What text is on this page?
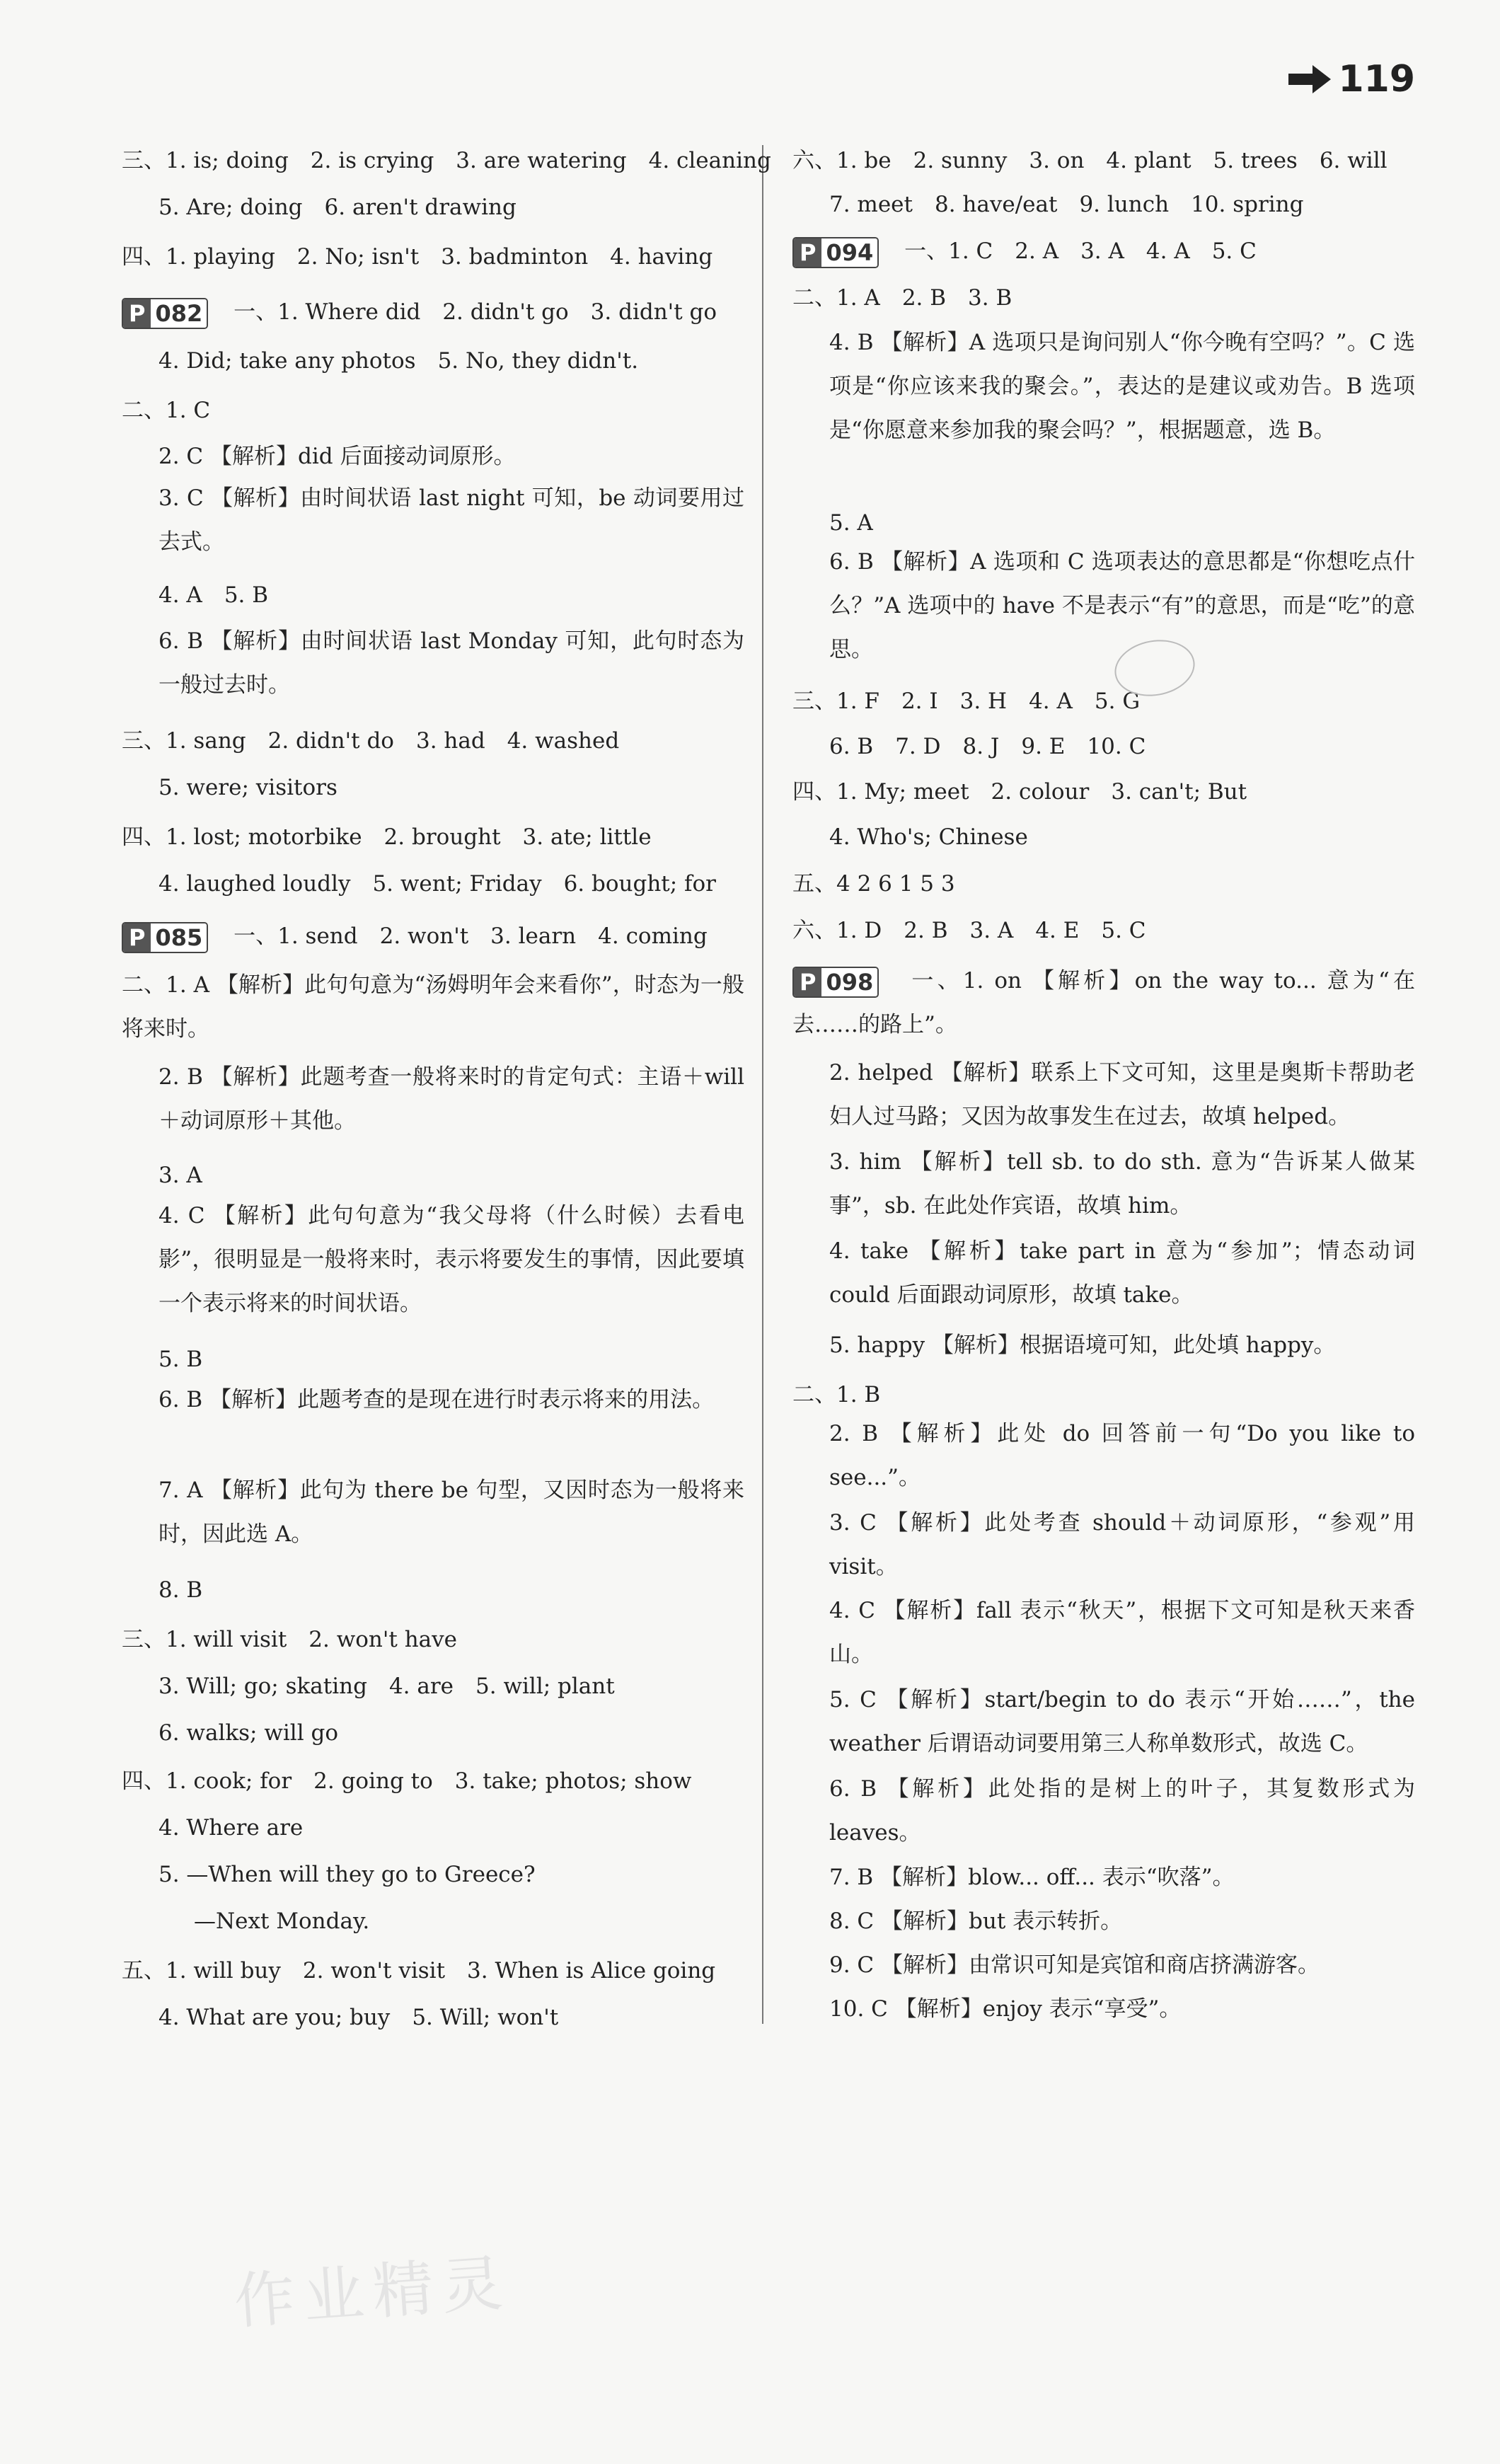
119
三、1. is; doing　2. is crying　3. are watering　4. cleaning
5. Are; doing　6. aren't drawing
四、1. playing　2. No; isn't　3. badminton　4. having
P 082 一、1. Where did　2. didn't go　3. didn't go
4. Did; take any photos　5. No, they didn't.
二、1. C
2. C 【解析】did 后面接动词原形。
3. C 【解析】由时间状语 last night 可知，be 动词要用过去式。
4. A　5. B
6. B 【解析】由时间状语 last Monday 可知，此句时态为一般过去时。
三、1. sang　2. didn't do　3. had　4. washed
5. were; visitors
四、1. lost; motorbike　2. brought　3. ate; little
4. laughed loudly　5. went; Friday　6. bought; for
P 085 一、1. send　2. won't　3. learn　4. coming
二、1. A 【解析】此句句意为“汤姆明年会来看你”，时态为一般将来时。
2. B 【解析】此题考查一般将来时的肯定句式：主语＋will＋动词原形＋其他。
3. A
4. C 【解析】此句句意为“我父母将（什么时候）去看电影”，很明显是一般将来时，表示将要发生的事情，因此要填一个表示将来的时间状语。
5. B
6. B 【解析】此题考查的是现在进行时表示将来的用法。
7. A 【解析】此句为 there be 句型，又因时态为一般将来时，因此选 A。
8. B
三、1. will visit　2. won't have
3. Will; go; skating　4. are　5. will; plant
6. walks; will go
四、1. cook; for　2. going to　3. take; photos; show
4. Where are
5. —When will they go to Greece?
—Next Monday.
五、1. will buy　2. won't visit　3. When is Alice going
4. What are you; buy　5. Will; won't
六、1. be　2. sunny　3. on　4. plant　5. trees　6. will
7. meet　8. have/eat　9. lunch　10. spring
P 094 一、1. C　2. A　3. A　4. A　5. C
二、1. A　2. B　3. B
4. B 【解析】A 选项只是询问别人“你今晚有空吗？”。C 选项是“你应该来我的聚会。”，表达的是建议或劝告。B 选项是“你愿意来参加我的聚会吗？”，根据题意，选 B。
5. A
6. B 【解析】A 选项和 C 选项表达的意思都是“你想吃点什么？”A 选项中的 have 不是表示“有”的意思，而是“吃”的意思。
三、1. F　2. I　3. H　4. A　5. G
6. B　7. D　8. J　9. E　10. C
四、1. My; meet　2. colour　3. can't; But
4. Who's; Chinese
五、4 2 6 1 5 3
六、1. D　2. B　3. A　4. E　5. C
P 098 一、1. on 【解析】on the way to... 意为“在去……的路上”。
2. helped 【解析】联系上下文可知，这里是奥斯卡帮助老妇人过马路；又因为故事发生在过去，故填 helped。
3. him 【解析】tell sb. to do sth. 意为“告诉某人做某事”，sb. 在此处作宾语，故填 him。
4. take 【解析】take part in 意为“参加”；情态动词 could 后面跟动词原形，故填 take。
5. happy 【解析】根据语境可知，此处填 happy。
二、1. B
2. B 【解析】此处 do 回答前一句“Do you like to see...”。
3. C 【解析】此处考查 should＋动词原形，“参观”用 visit。
4. C 【解析】fall 表示“秋天”，根据下文可知是秋天来香山。
5. C 【解析】start/begin to do 表示“开始……”，the weather 后谓语动词要用第三人称单数形式，故选 C。
6. B 【解析】此处指的是树上的叶子，其复数形式为 leaves。
7. B 【解析】blow... off... 表示“吹落”。
8. C 【解析】but 表示转折。
9. C 【解析】由常识可知是宾馆和商店挤满游客。
10. C 【解析】enjoy 表示“享受”。
作业精灵
